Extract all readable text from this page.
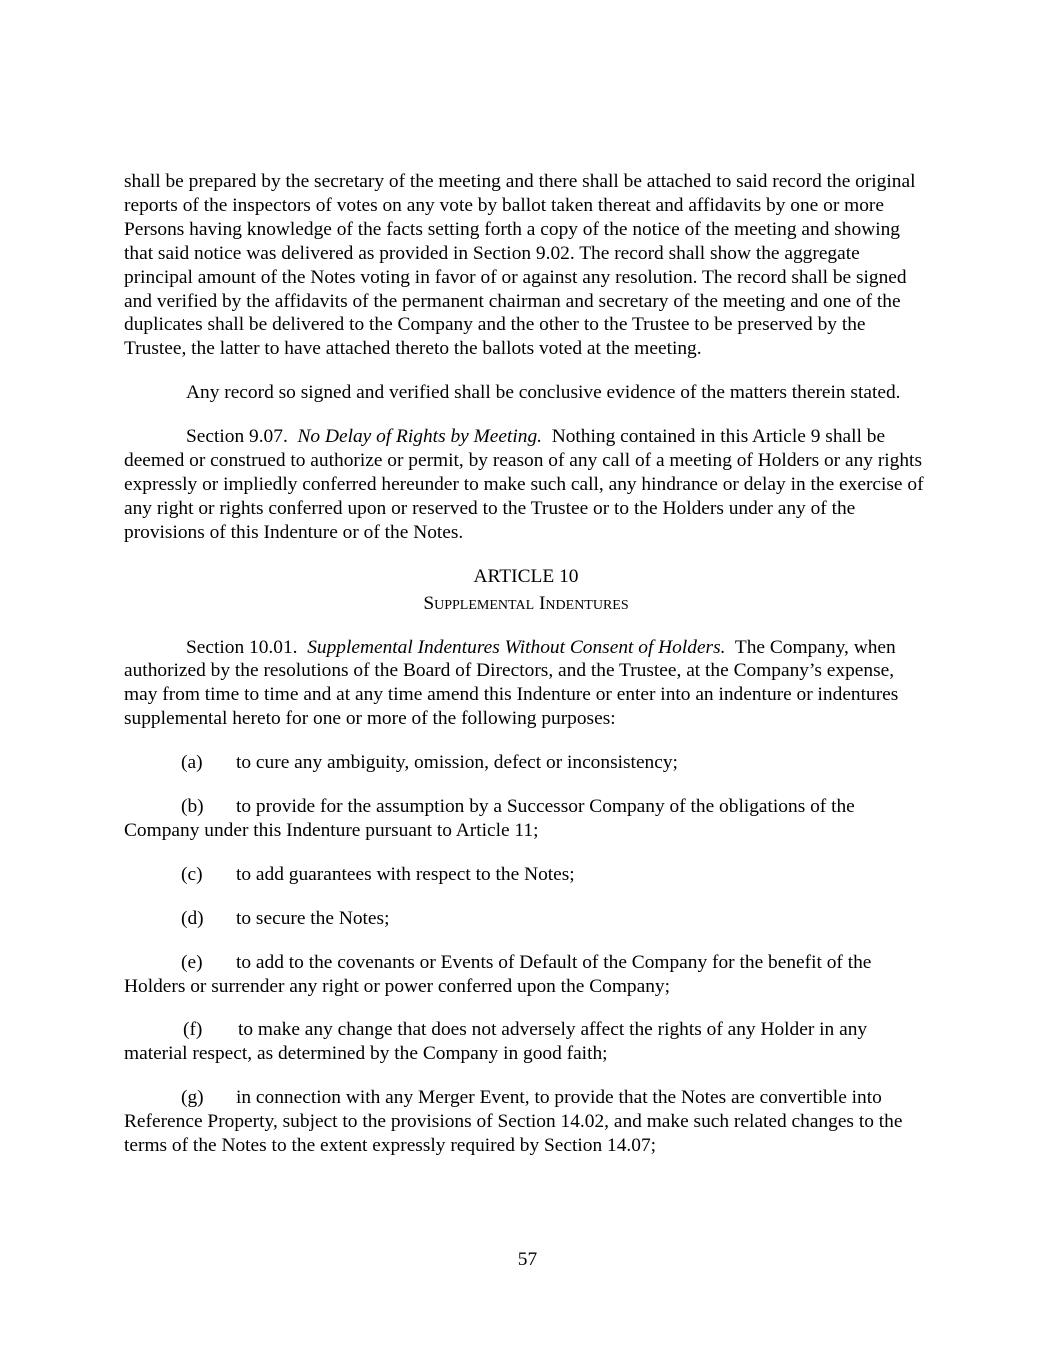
shall be prepared by the secretary of the meeting and there shall be attached to said record the original reports of the inspectors of votes on any vote by ballot taken thereat and affidavits by one or more Persons having knowledge of the facts setting forth a copy of the notice of the meeting and showing that said notice was delivered as provided in Section 9.02. The record shall show the aggregate principal amount of the Notes voting in favor of or against any resolution. The record shall be signed and verified by the affidavits of the permanent chairman and secretary of the meeting and one of the duplicates shall be delivered to the Company and the other to the Trustee to be preserved by the Trustee, the latter to have attached thereto the ballots voted at the meeting.

Any record so signed and verified shall be conclusive evidence of the matters therein stated.

Section 9.07. No Delay of Rights by Meeting. Nothing contained in this Article 9 shall be deemed or construed to authorize or permit, by reason of any call of a meeting of Holders or any rights expressly or impliedly conferred hereunder to make such call, any hindrance or delay in the exercise of any right or rights conferred upon or reserved to the Trustee or to the Holders under any of the provisions of this Indenture or of the Notes.

ARTICLE 10

Supplemental Indentures

Section 10.01. Supplemental Indentures Without Consent of Holders. The Company, when authorized by the resolutions of the Board of Directors, and the Trustee, at the Company’s expense, may from time to time and at any time amend this Indenture or enter into an indenture or indentures supplemental hereto for one or more of the following purposes:

(a) to cure any ambiguity, omission, defect or inconsistency;

(b) to provide for the assumption by a Successor Company of the obligations of the Company under this Indenture pursuant to Article 11;

(c) to add guarantees with respect to the Notes;

(d) to secure the Notes;

(e) to add to the covenants or Events of Default of the Company for the benefit of the Holders or surrender any right or power conferred upon the Company;

(f) to make any change that does not adversely affect the rights of any Holder in any material respect, as determined by the Company in good faith;

(g) in connection with any Merger Event, to provide that the Notes are convertible into Reference Property, subject to the provisions of Section 14.02, and make such related changes to the terms of the Notes to the extent expressly required by Section 14.07;

57
